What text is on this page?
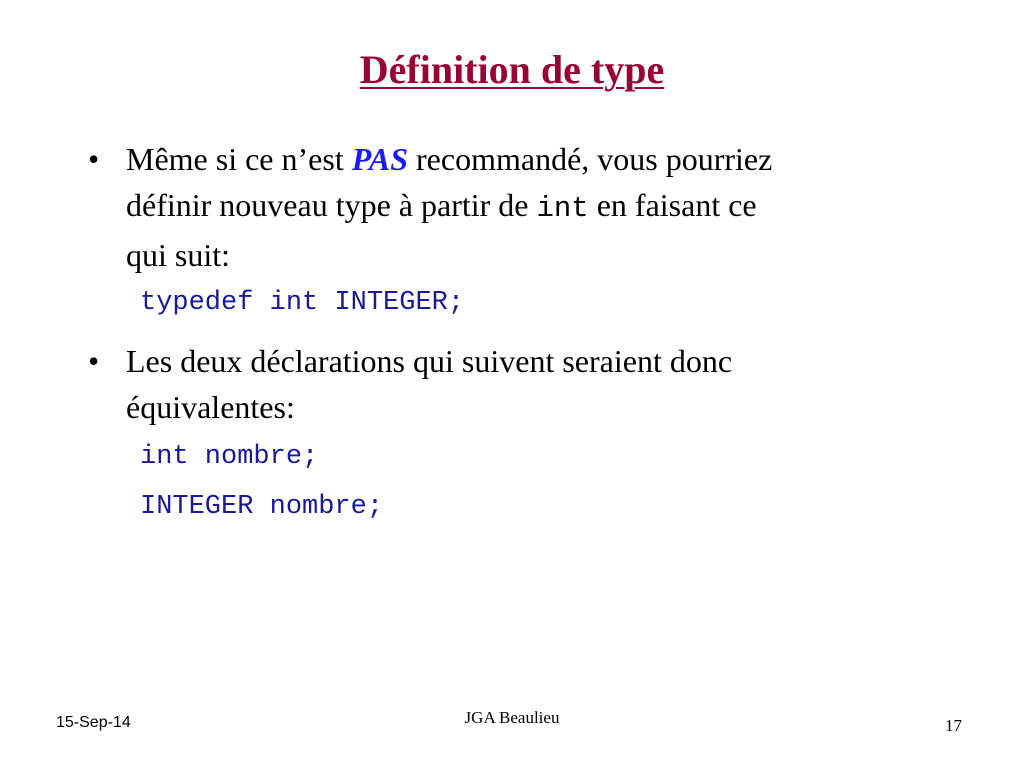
Définition de type
• Même si ce n’est PAS recommandé, vous pourriez
définir nouveau type à partir de int en faisant ce
qui suit:
typedef int INTEGER;
• Les deux déclarations qui suivent seraient donc
équivalentes:
int nombre;
INTEGER nombre;
15-Sep-14	JGA Beaulieu	17
